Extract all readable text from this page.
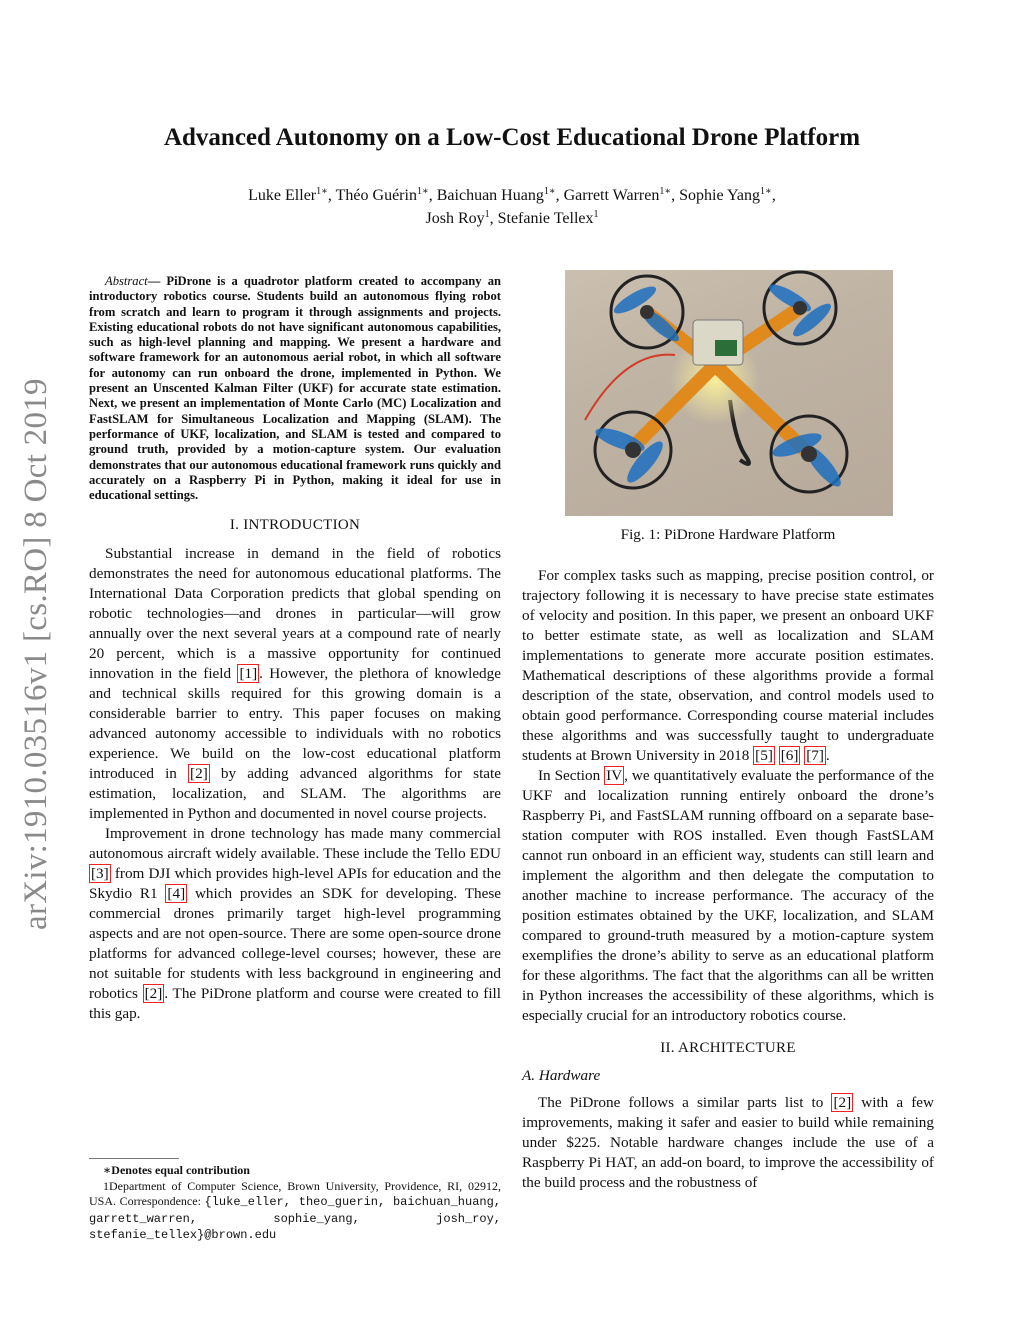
arXiv:1910.03516v1 [cs.RO] 8 Oct 2019
Advanced Autonomy on a Low-Cost Educational Drone Platform
Luke Eller$^{1∗}$, Théo Guérin$^{1∗}$, Baichuan Huang$^{1∗}$, Garrett Warren$^{1∗}$, Sophie Yang$^{1∗}$,
Josh Roy$^1$, Stefanie Tellex$^1$
Abstract— PiDrone is a quadrotor platform created to accompany an introductory robotics course. Students build an autonomous flying robot from scratch and learn to program it through assignments and projects. Existing educational robots do not have significant autonomous capabilities, such as high-level planning and mapping. We present a hardware and software framework for an autonomous aerial robot, in which all software for autonomy can run onboard the drone, implemented in Python. We present an Unscented Kalman Filter (UKF) for accurate state estimation. Next, we present an implementation of Monte Carlo (MC) Localization and FastSLAM for Simultaneous Localization and Mapping (SLAM). The performance of UKF, localization, and SLAM is tested and compared to ground truth, provided by a motion-capture system. Our evaluation demonstrates that our autonomous educational framework runs quickly and accurately on a Raspberry Pi in Python, making it ideal for use in educational settings.
I. INTRODUCTION

Substantial increase in demand in the field of robotics demonstrates the need for autonomous educational platforms. The International Data Corporation predicts that global spending on robotic technologies—and drones in particular—will grow annually over the next several years at a compound rate of nearly 20 percent, which is a massive opportunity for continued innovation in the field [1] . However, the plethora of knowledge and technical skills required for this growing domain is a considerable barrier to entry. This paper focuses on making advanced autonomy accessible to individuals with no robotics experience. We build on the low-cost educational platform introduced in [2] by adding advanced algorithms for state estimation, localization, and SLAM. The algorithms are implemented in Python and documented in novel course projects.

Improvement in drone technology has made many commercial autonomous aircraft widely available. These include the Tello EDU [3] from DJI which provides high-level APIs for education and the Skydio R1 [4] which provides an SDK for developing. These commercial drones primarily target high-level programming aspects and are not open-source. There are some open-source drone platforms for advanced college-level courses; however, these are not suitable for students with less background in engineering and robotics [2] . The PiDrone platform and course were created to fill this gap.

∗Denotes equal contribution
1Department of Computer Science, Brown University, Providence, RI, 02912, USA. Correspondence: {luke_eller, theo_guerin, baichuan_huang, garrett_warren, sophie_yang, josh_roy, stefanie_tellex}@brown.edu
Fig. 1: PiDrone Hardware Platform

For complex tasks such as mapping, precise position control, or trajectory following it is necessary to have precise state estimates of velocity and position. In this paper, we present an onboard UKF to better estimate state, as well as localization and SLAM implementations to generate more accurate position estimates. Mathematical descriptions of these algorithms provide a formal description of the state, observation, and control models used to obtain good performance. Corresponding course material includes these algorithms and was successfully taught to undergraduate students at Brown University in 2018 [5] [6] [7] .

In Section IV , we quantitatively evaluate the performance of the UKF and localization running entirely onboard the drone’s Raspberry Pi, and FastSLAM running offboard on a separate base-station computer with ROS installed. Even though FastSLAM cannot run onboard in an efficient way, students can still learn and implement the algorithm and then delegate the computation to another machine to increase performance. The accuracy of the position estimates obtained by the UKF, localization, and SLAM compared to ground-truth measured by a motion-capture system exemplifies the drone’s ability to serve as an educational platform for these algorithms. The fact that the algorithms can all be written in Python increases the accessibility of these algorithms, which is especially crucial for an introductory robotics course.

II. ARCHITECTURE
A. Hardware

The PiDrone follows a similar parts list to [2] with a few improvements, making it safer and easier to build while remaining under $225. Notable hardware changes include the use of a Raspberry Pi HAT, an add-on board, to improve the accessibility of the build process and the robustness of
